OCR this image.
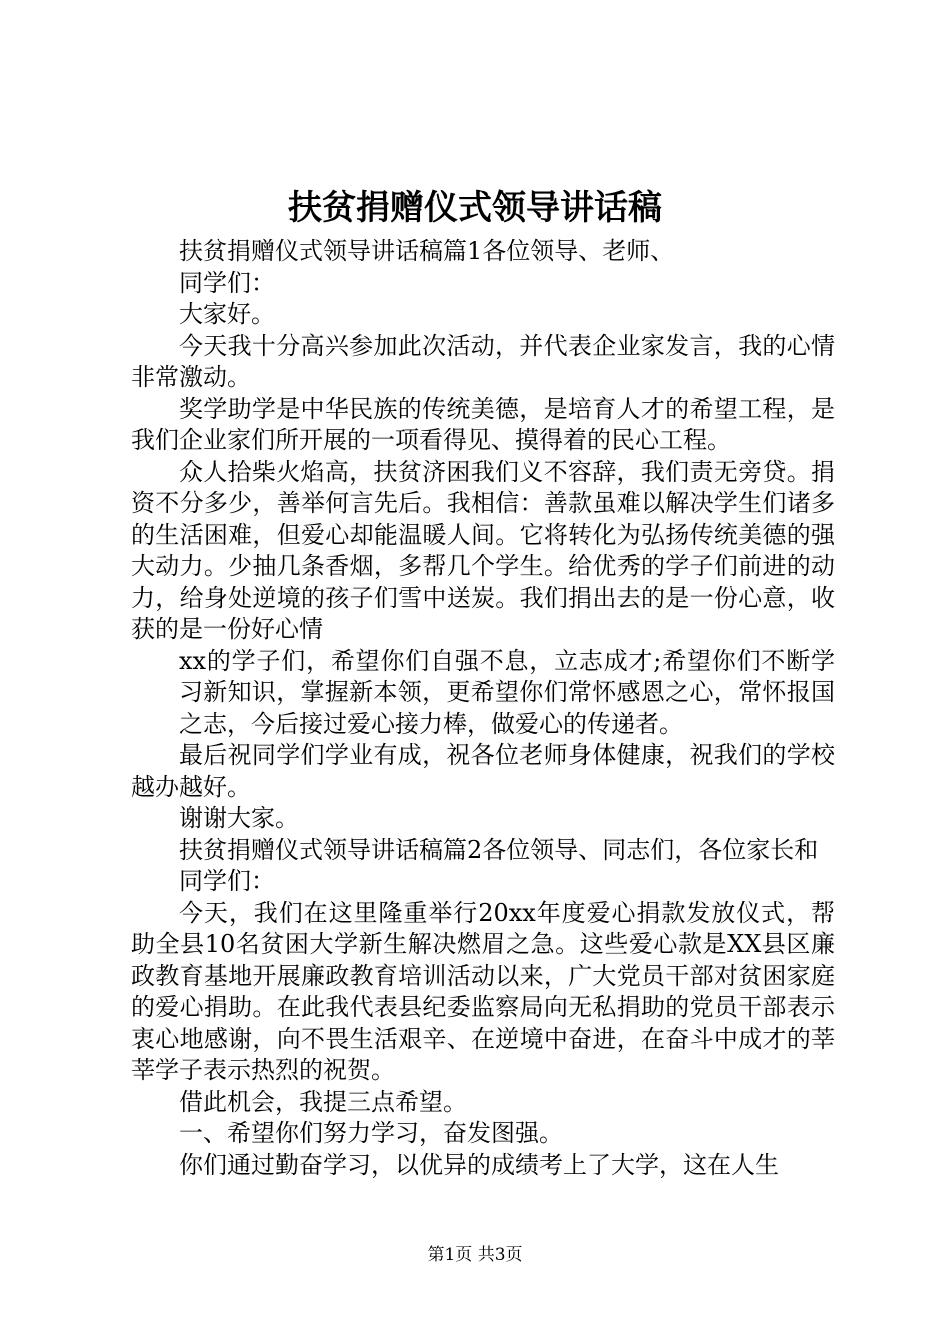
扶贫捐赠仪式领导讲话稿

扶贫捐赠仪式领导讲话稿篇1各位领导、老师、

同学们：

大家好。

今天我十分高兴参加此次活动，并代表企业家发言，我的心情非常激动。

奖学助学是中华民族的传统美德，是培育人才的希望工程，是我们企业家们所开展的一项看得见、摸得着的民心工程。

众人拾柴火焰高，扶贫济困我们义不容辞，我们责无旁贷。捐资不分多少，善举何言先后。我相信：善款虽难以解决学生们诸多的生活困难，但爱心却能温暖人间。它将转化为弘扬传统美德的强大动力。少抽几条香烟，多帮几个学生。给优秀的学子们前进的动力，给身处逆境的孩子们雪中送炭。我们捐出去的是一份心意，收获的是一份好心情

xx的学子们，希望你们自强不息，立志成才;希望你们不断学习新知识，掌握新本领，更希望你们常怀感恩之心，常怀报国之志，今后接过爱心接力棒，做爱心的传递者。

最后祝同学们学业有成，祝各位老师身体健康，祝我们的学校越办越好。

谢谢大家。

扶贫捐赠仪式领导讲话稿篇2各位领导、同志们，各位家长和

同学们：

今天，我们在这里隆重举行20xx年度爱心捐款发放仪式，帮助全县10名贫困大学新生解决燃眉之急。这些爱心款是XX县区廉政教育基地开展廉政教育培训活动以来，广大党员干部对贫困家庭的爱心捐助。在此我代表县纪委监察局向无私捐助的党员干部表示衷心地感谢，向不畏生活艰辛、在逆境中奋进，在奋斗中成才的莘莘学子表示热烈的祝贺。

借此机会，我提三点希望。

一、希望你们努力学习，奋发图强。

你们通过勤奋学习，以优异的成绩考上了大学，这在人生

第1页 共3页
